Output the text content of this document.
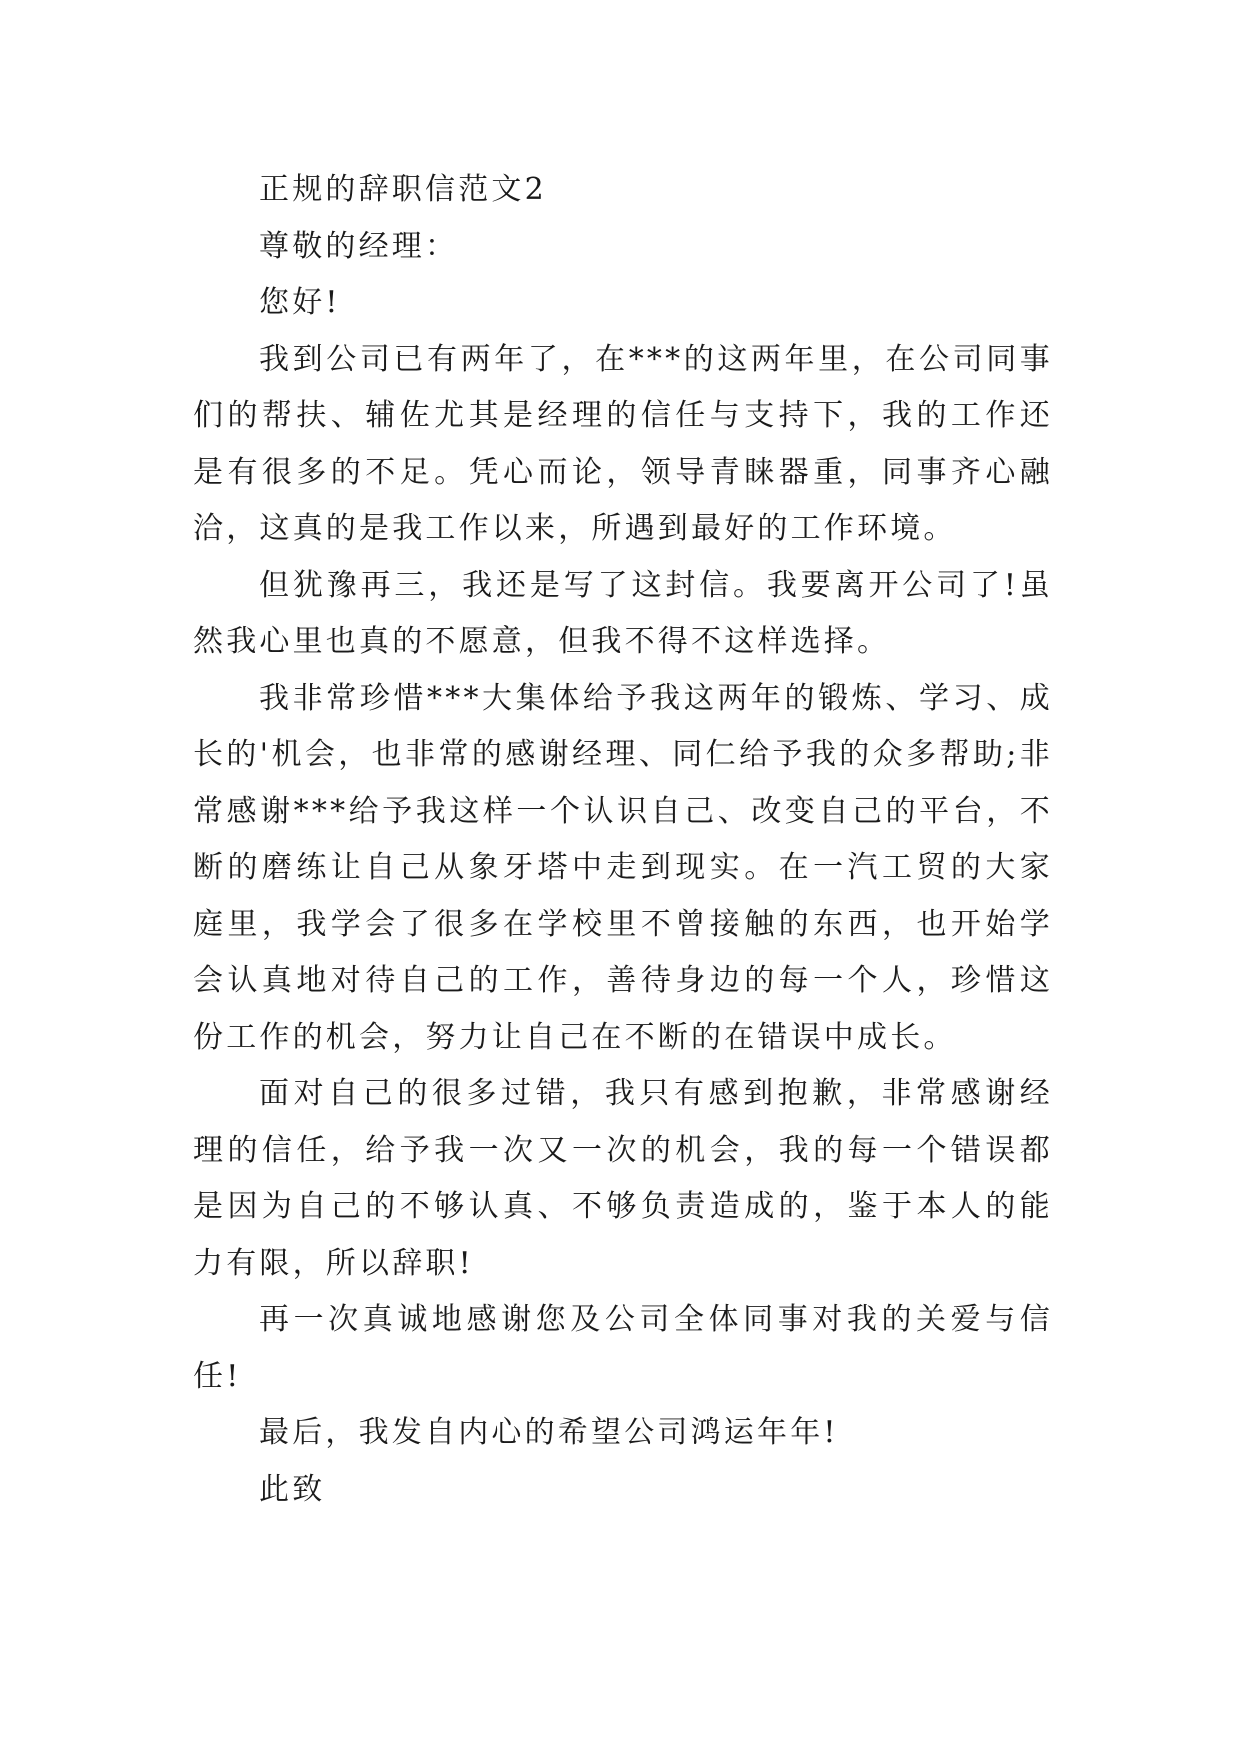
正规的辞职信范文2

尊敬的经理：

您好!

我到公司已有两年了，在***的这两年里，在公司同事们的帮扶、辅佐尤其是经理的信任与支持下，我的工作还是有很多的不足。凭心而论，领导青睐器重，同事齐心融洽，这真的是我工作以来，所遇到最好的工作环境。

但犹豫再三，我还是写了这封信。我要离开公司了!虽然我心里也真的不愿意，但我不得不这样选择。

我非常珍惜***大集体给予我这两年的锻炼、学习、成长的'机会，也非常的感谢经理、同仁给予我的众多帮助;非常感谢***给予我这样一个认识自己、改变自己的平台，不断的磨练让自己从象牙塔中走到现实。在一汽工贸的大家庭里，我学会了很多在学校里不曾接触的东西，也开始学会认真地对待自己的工作，善待身边的每一个人，珍惜这份工作的机会，努力让自己在不断的在错误中成长。

面对自己的很多过错，我只有感到抱歉，非常感谢经理的信任，给予我一次又一次的机会，我的每一个错误都是因为自己的不够认真、不够负责造成的，鉴于本人的能力有限，所以辞职!

再一次真诚地感谢您及公司全体同事对我的关爱与信任!

最后，我发自内心的希望公司鸿运年年!

此致
